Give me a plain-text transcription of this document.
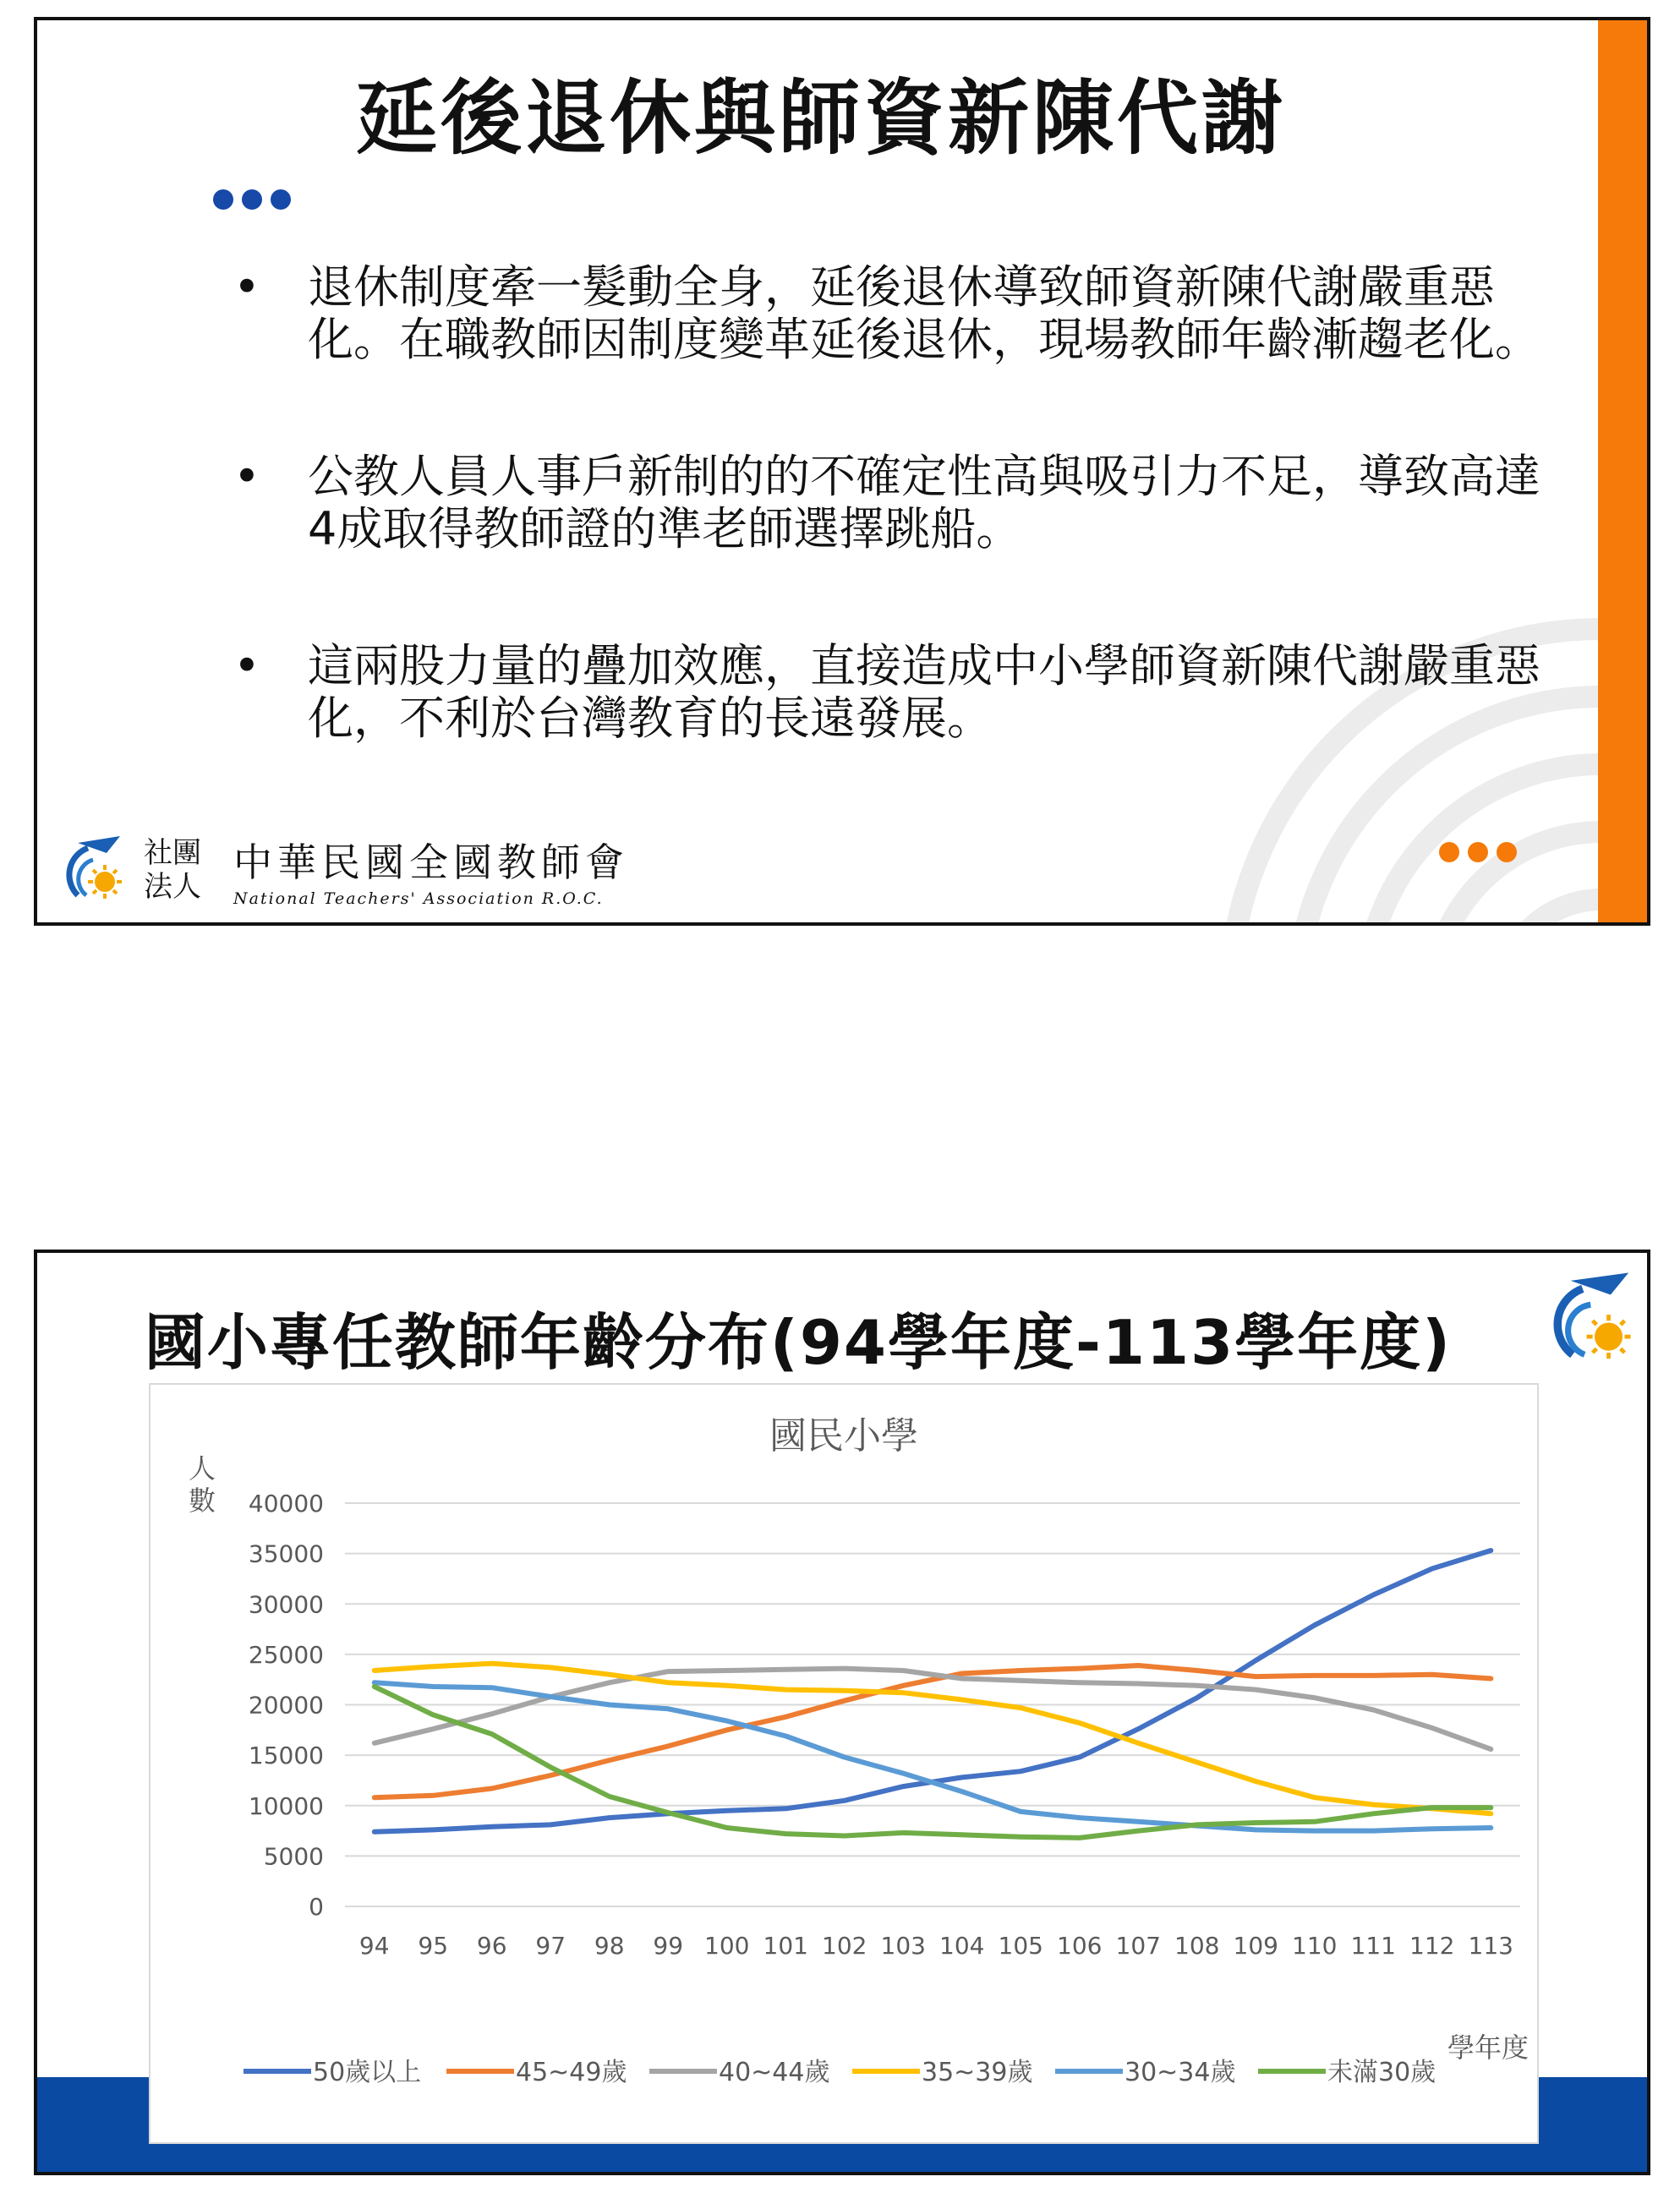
延後退休與師資新陳代謝
• 退休制度牽一髮動全身，延後退休導致師資新陳代謝嚴重惡化。在職教師因制度變革延後退休，現場教師年齡漸趨老化。
• 公教人員人事戶新制的的不確定性高與吸引力不足，導致高達4成取得教師證的準老師選擇跳船。
• 這兩股力量的疊加效應，直接造成中小學師資新陳代謝嚴重惡化，不利於台灣教育的長遠發展。
社團法人
中華民國全國教師會
National Teachers' Association R.O.C.
國小專任教師年齡分布(94學年度-113學年度)
國民小學
人數
0
5000
10000
15000
20000
25000
30000
35000
40000
94 95 96 97 98 99 100 101 102 103 104 105 106 107 108 109 110 111 112 113
學年度
50歲以上	45~49歲	40~44歲	35~39歲	30~34歲	未滿30歲
